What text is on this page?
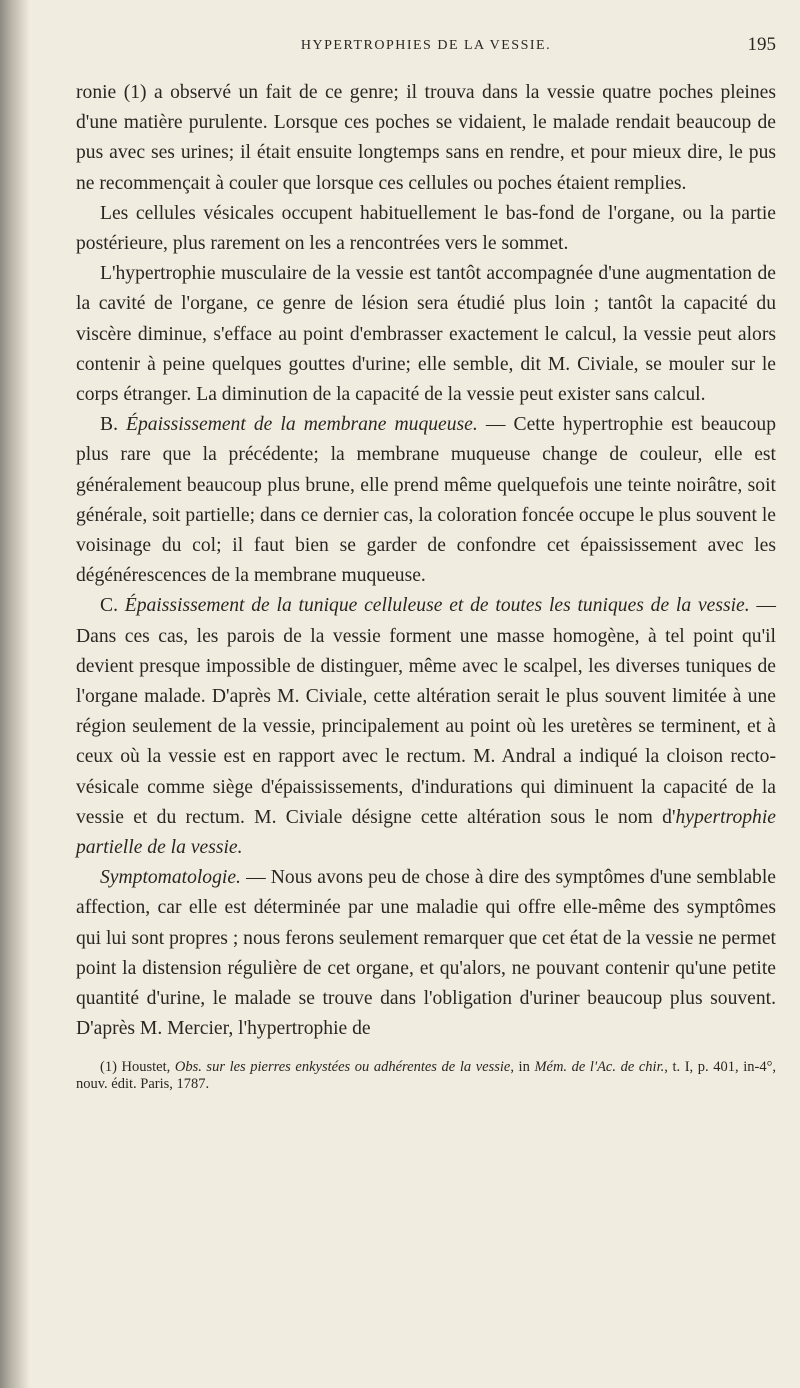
HYPERTROPHIES DE LA VESSIE.	195

ronie (1) a observé un fait de ce genre; il trouva dans la vessie quatre poches pleines d'une matière purulente. Lorsque ces poches se vidaient, le malade rendait beaucoup de pus avec ses urines; il était ensuite longtemps sans en rendre, et pour mieux dire, le pus ne recommençait à couler que lorsque ces cellules ou poches étaient remplies.

Les cellules vésicales occupent habituellement le bas-fond de l'organe, ou la partie postérieure, plus rarement on les a rencontrées vers le sommet.

L'hypertrophie musculaire de la vessie est tantôt accompagnée d'une augmentation de la cavité de l'organe, ce genre de lésion sera étudié plus loin ; tantôt la capacité du viscère diminue, s'efface au point d'embrasser exactement le calcul, la vessie peut alors contenir à peine quelques gouttes d'urine; elle semble, dit M. Civiale, se mouler sur le corps étranger. La diminution de la capacité de la vessie peut exister sans calcul.

B. Épaississement de la membrane muqueuse. — Cette hypertrophie est beaucoup plus rare que la précédente; la membrane muqueuse change de couleur, elle est généralement beaucoup plus brune, elle prend même quelquefois une teinte noirâtre, soit générale, soit partielle; dans ce dernier cas, la coloration foncée occupe le plus souvent le voisinage du col; il faut bien se garder de confondre cet épaississement avec les dégénérescences de la membrane muqueuse.

C. Épaississement de la tunique celluleuse et de toutes les tuniques de la vessie. — Dans ces cas, les parois de la vessie forment une masse homogène, à tel point qu'il devient presque impossible de distinguer, même avec le scalpel, les diverses tuniques de l'organe malade. D'après M. Civiale, cette altération serait le plus souvent limitée à une région seulement de la vessie, principalement au point où les uretères se terminent, et à ceux où la vessie est en rapport avec le rectum. M. Andral a indiqué la cloison recto-vésicale comme siège d'épaississements, d'indurations qui diminuent la capacité de la vessie et du rectum. M. Civiale désigne cette altération sous le nom d'hypertrophie partielle de la vessie.

Symptomatologie. — Nous avons peu de chose à dire des symptômes d'une semblable affection, car elle est déterminée par une maladie qui offre elle-même des symptômes qui lui sont propres ; nous ferons seulement remarquer que cet état de la vessie ne permet point la distension régulière de cet organe, et qu'alors, ne pouvant contenir qu'une petite quantité d'urine, le malade se trouve dans l'obligation d'uriner beaucoup plus souvent. D'après M. Mercier, l'hypertrophie de

(1) Houstet, Obs. sur les pierres enkystées ou adhérentes de la vessie, in Mém. de l'Ac. de chir., t. I, p. 401, in-4°, nouv. édit. Paris, 1787.
